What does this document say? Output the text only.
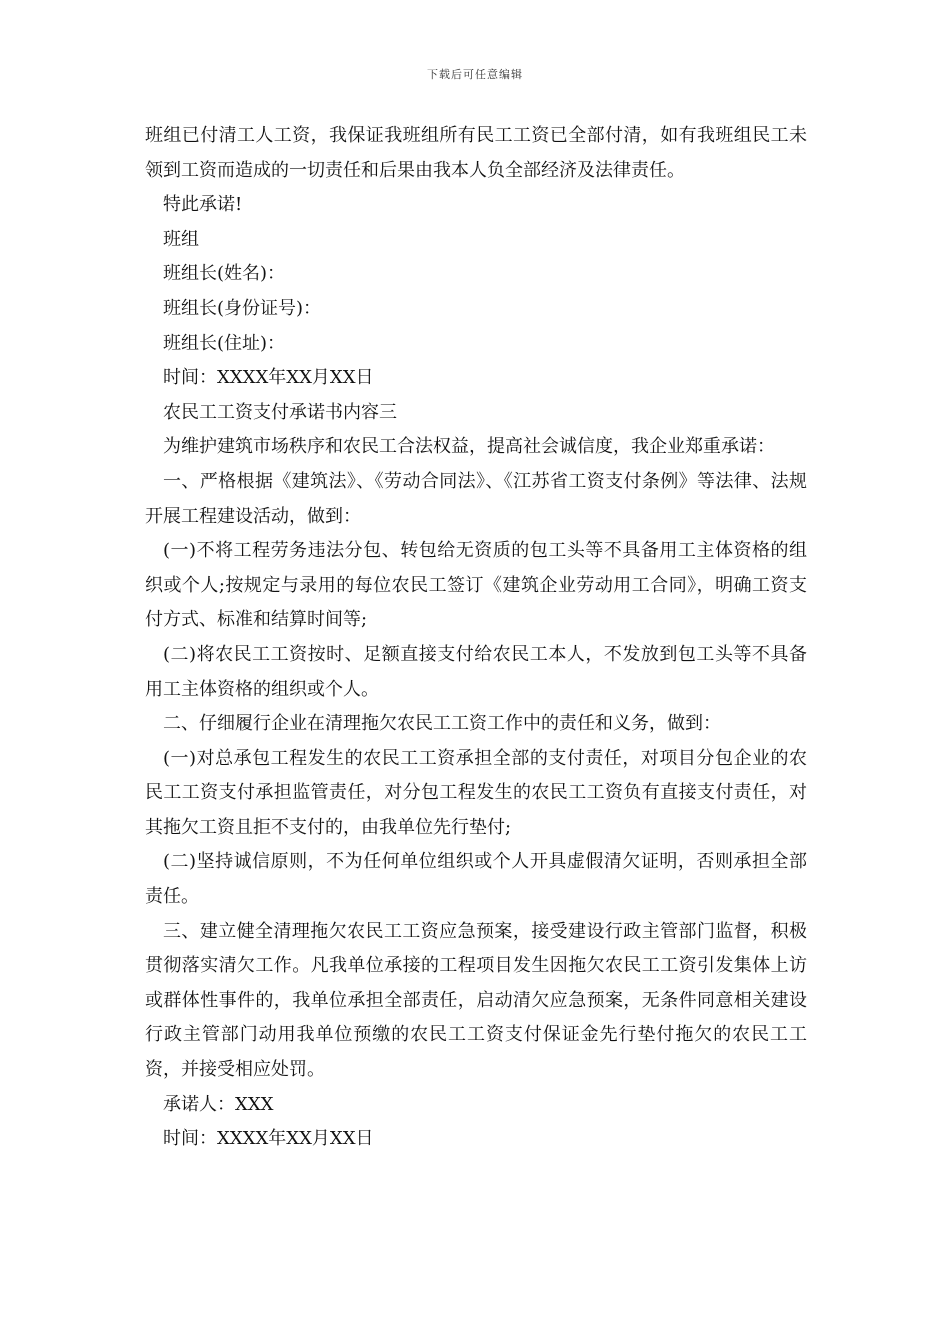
下载后可任意编辑

班组已付清工人工资，我保证我班组所有民工工资已全部付清，如有我班组民工未领到工资而造成的一切责任和后果由我本人负全部经济及法律责任。

特此承诺!

班组

班组长(姓名)：

班组长(身份证号)：

班组长(住址)：

时间：XXXX年XX月XX日

农民工工资支付承诺书内容三

为维护建筑市场秩序和农民工合法权益，提高社会诚信度，我企业郑重承诺：

一、严格根据《建筑法》、《劳动合同法》、《江苏省工资支付条例》等法律、法规开展工程建设活动，做到：

(一)不将工程劳务违法分包、转包给无资质的包工头等不具备用工主体资格的组织或个人;按规定与录用的每位农民工签订《建筑企业劳动用工合同》，明确工资支付方式、标准和结算时间等;

(二)将农民工工资按时、足额直接支付给农民工本人，不发放到包工头等不具备用工主体资格的组织或个人。

二、仔细履行企业在清理拖欠农民工工资工作中的责任和义务，做到：

(一)对总承包工程发生的农民工工资承担全部的支付责任，对项目分包企业的农民工工资支付承担监管责任，对分包工程发生的农民工工资负有直接支付责任，对其拖欠工资且拒不支付的，由我单位先行垫付;

(二)坚持诚信原则，不为任何单位组织或个人开具虚假清欠证明，否则承担全部责任。

三、建立健全清理拖欠农民工工资应急预案，接受建设行政主管部门监督，积极贯彻落实清欠工作。凡我单位承接的工程项目发生因拖欠农民工工资引发集体上访或群体性事件的，我单位承担全部责任，启动清欠应急预案，无条件同意相关建设行政主管部门动用我单位预缴的农民工工资支付保证金先行垫付拖欠的农民工工资，并接受相应处罚。

承诺人：XXX

时间：XXXX年XX月XX日
